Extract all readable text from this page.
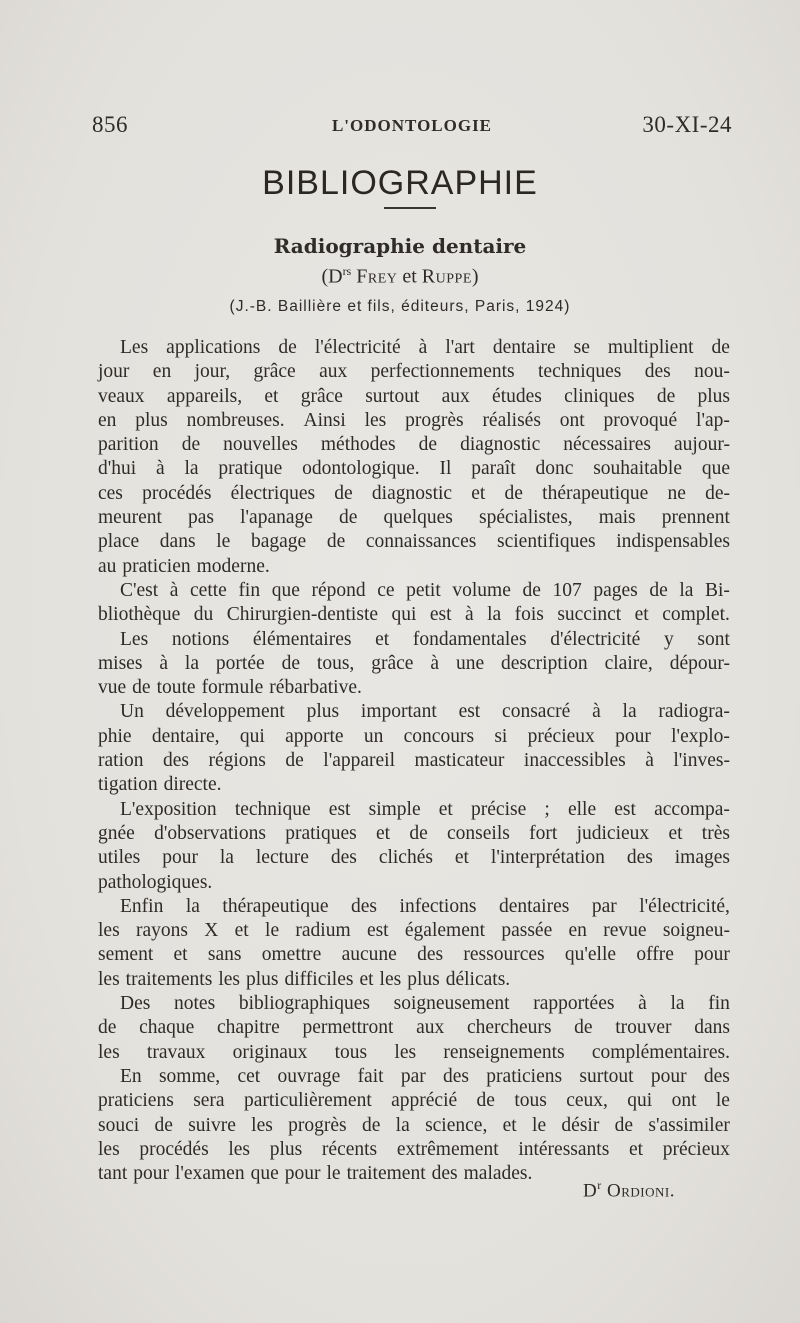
856	L'ODONTOLOGIE	30-XI-24
BIBLIOGRAPHIE
Radiographie dentaire
($D^{rs}$ Frey et Ruppe)
(J.-B. Baillière et fils, éditeurs, Paris, 1924)
Les applications de l'électricité à l'art dentaire se multiplient de
jour en jour, grâce aux perfectionnements techniques des nou-
veaux appareils, et grâce surtout aux études cliniques de plus
en plus nombreuses. Ainsi les progrès réalisés ont provoqué l'ap-
parition de nouvelles méthodes de diagnostic nécessaires aujour-
d'hui à la pratique odontologique. Il paraît donc souhaitable que
ces procédés électriques de diagnostic et de thérapeutique ne de-
meurent pas l'apanage de quelques spécialistes, mais prennent
place dans le bagage de connaissances scientifiques indispensables
au praticien moderne.
C'est à cette fin que répond ce petit volume de 107 pages de la Bi-
bliothèque du Chirurgien-dentiste qui est à la fois succinct et complet.
Les notions élémentaires et fondamentales d'électricité y sont
mises à la portée de tous, grâce à une description claire, dépour-
vue de toute formule rébarbative.
Un développement plus important est consacré à la radiogra-
phie dentaire, qui apporte un concours si précieux pour l'explo-
ration des régions de l'appareil masticateur inaccessibles à l'inves-
tigation directe.
L'exposition technique est simple et précise ; elle est accompa-
gnée d'observations pratiques et de conseils fort judicieux et très
utiles pour la lecture des clichés et l'interprétation des images
pathologiques.
Enfin la thérapeutique des infections dentaires par l'électricité,
les rayons X et le radium est également passée en revue soigneu-
sement et sans omettre aucune des ressources qu'elle offre pour
les traitements les plus difficiles et les plus délicats.
Des notes bibliographiques soigneusement rapportées à la fin
de chaque chapitre permettront aux chercheurs de trouver dans
les travaux originaux tous les renseignements complémentaires.
En somme, cet ouvrage fait par des praticiens surtout pour des
praticiens sera particulièrement apprécié de tous ceux, qui ont le
souci de suivre les progrès de la science, et le désir de s'assimiler
les procédés les plus récents extrêmement intéressants et précieux
tant pour l'examen que pour le traitement des malades.
$D^r$ Ordioni.
